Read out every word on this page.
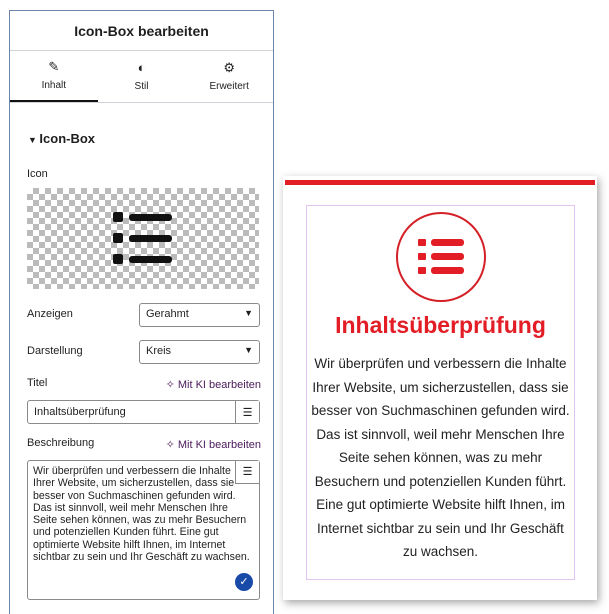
Icon-Box bearbeiten
✎
Inhalt
◐
Stil
⚙
Erweitert
▼ Icon-Box
Icon
Anzeigen	Gerahmt	▼
Darstellung	Kreis	▼
Titel	✧ Mit KI bearbeiten
Inhaltsüberprüfung	☰
Beschreibung	✧ Mit KI bearbeiten
Wir überprüfen und verbessern die Inhalte Ihrer Website, um sicherzustellen, dass sie besser von Suchmaschinen gefunden wird. Das ist sinnvoll, weil mehr Menschen Ihre Seite sehen können, was zu mehr Besuchern und potenziellen Kunden führt. Eine gut optimierte Website hilft Ihnen, im Internet sichtbar zu sein und Ihr Geschäft zu wachsen.
☰
✓
Inhaltsüberprüfung
Wir überprüfen und verbessern die Inhalte Ihrer Website, um sicherzustellen, dass sie besser von Suchmaschinen gefunden wird. Das ist sinnvoll, weil mehr Menschen Ihre Seite sehen können, was zu mehr Besuchern und potenziellen Kunden führt. Eine gut optimierte Website hilft Ihnen, im Internet sichtbar zu sein und Ihr Geschäft zu wachsen.
